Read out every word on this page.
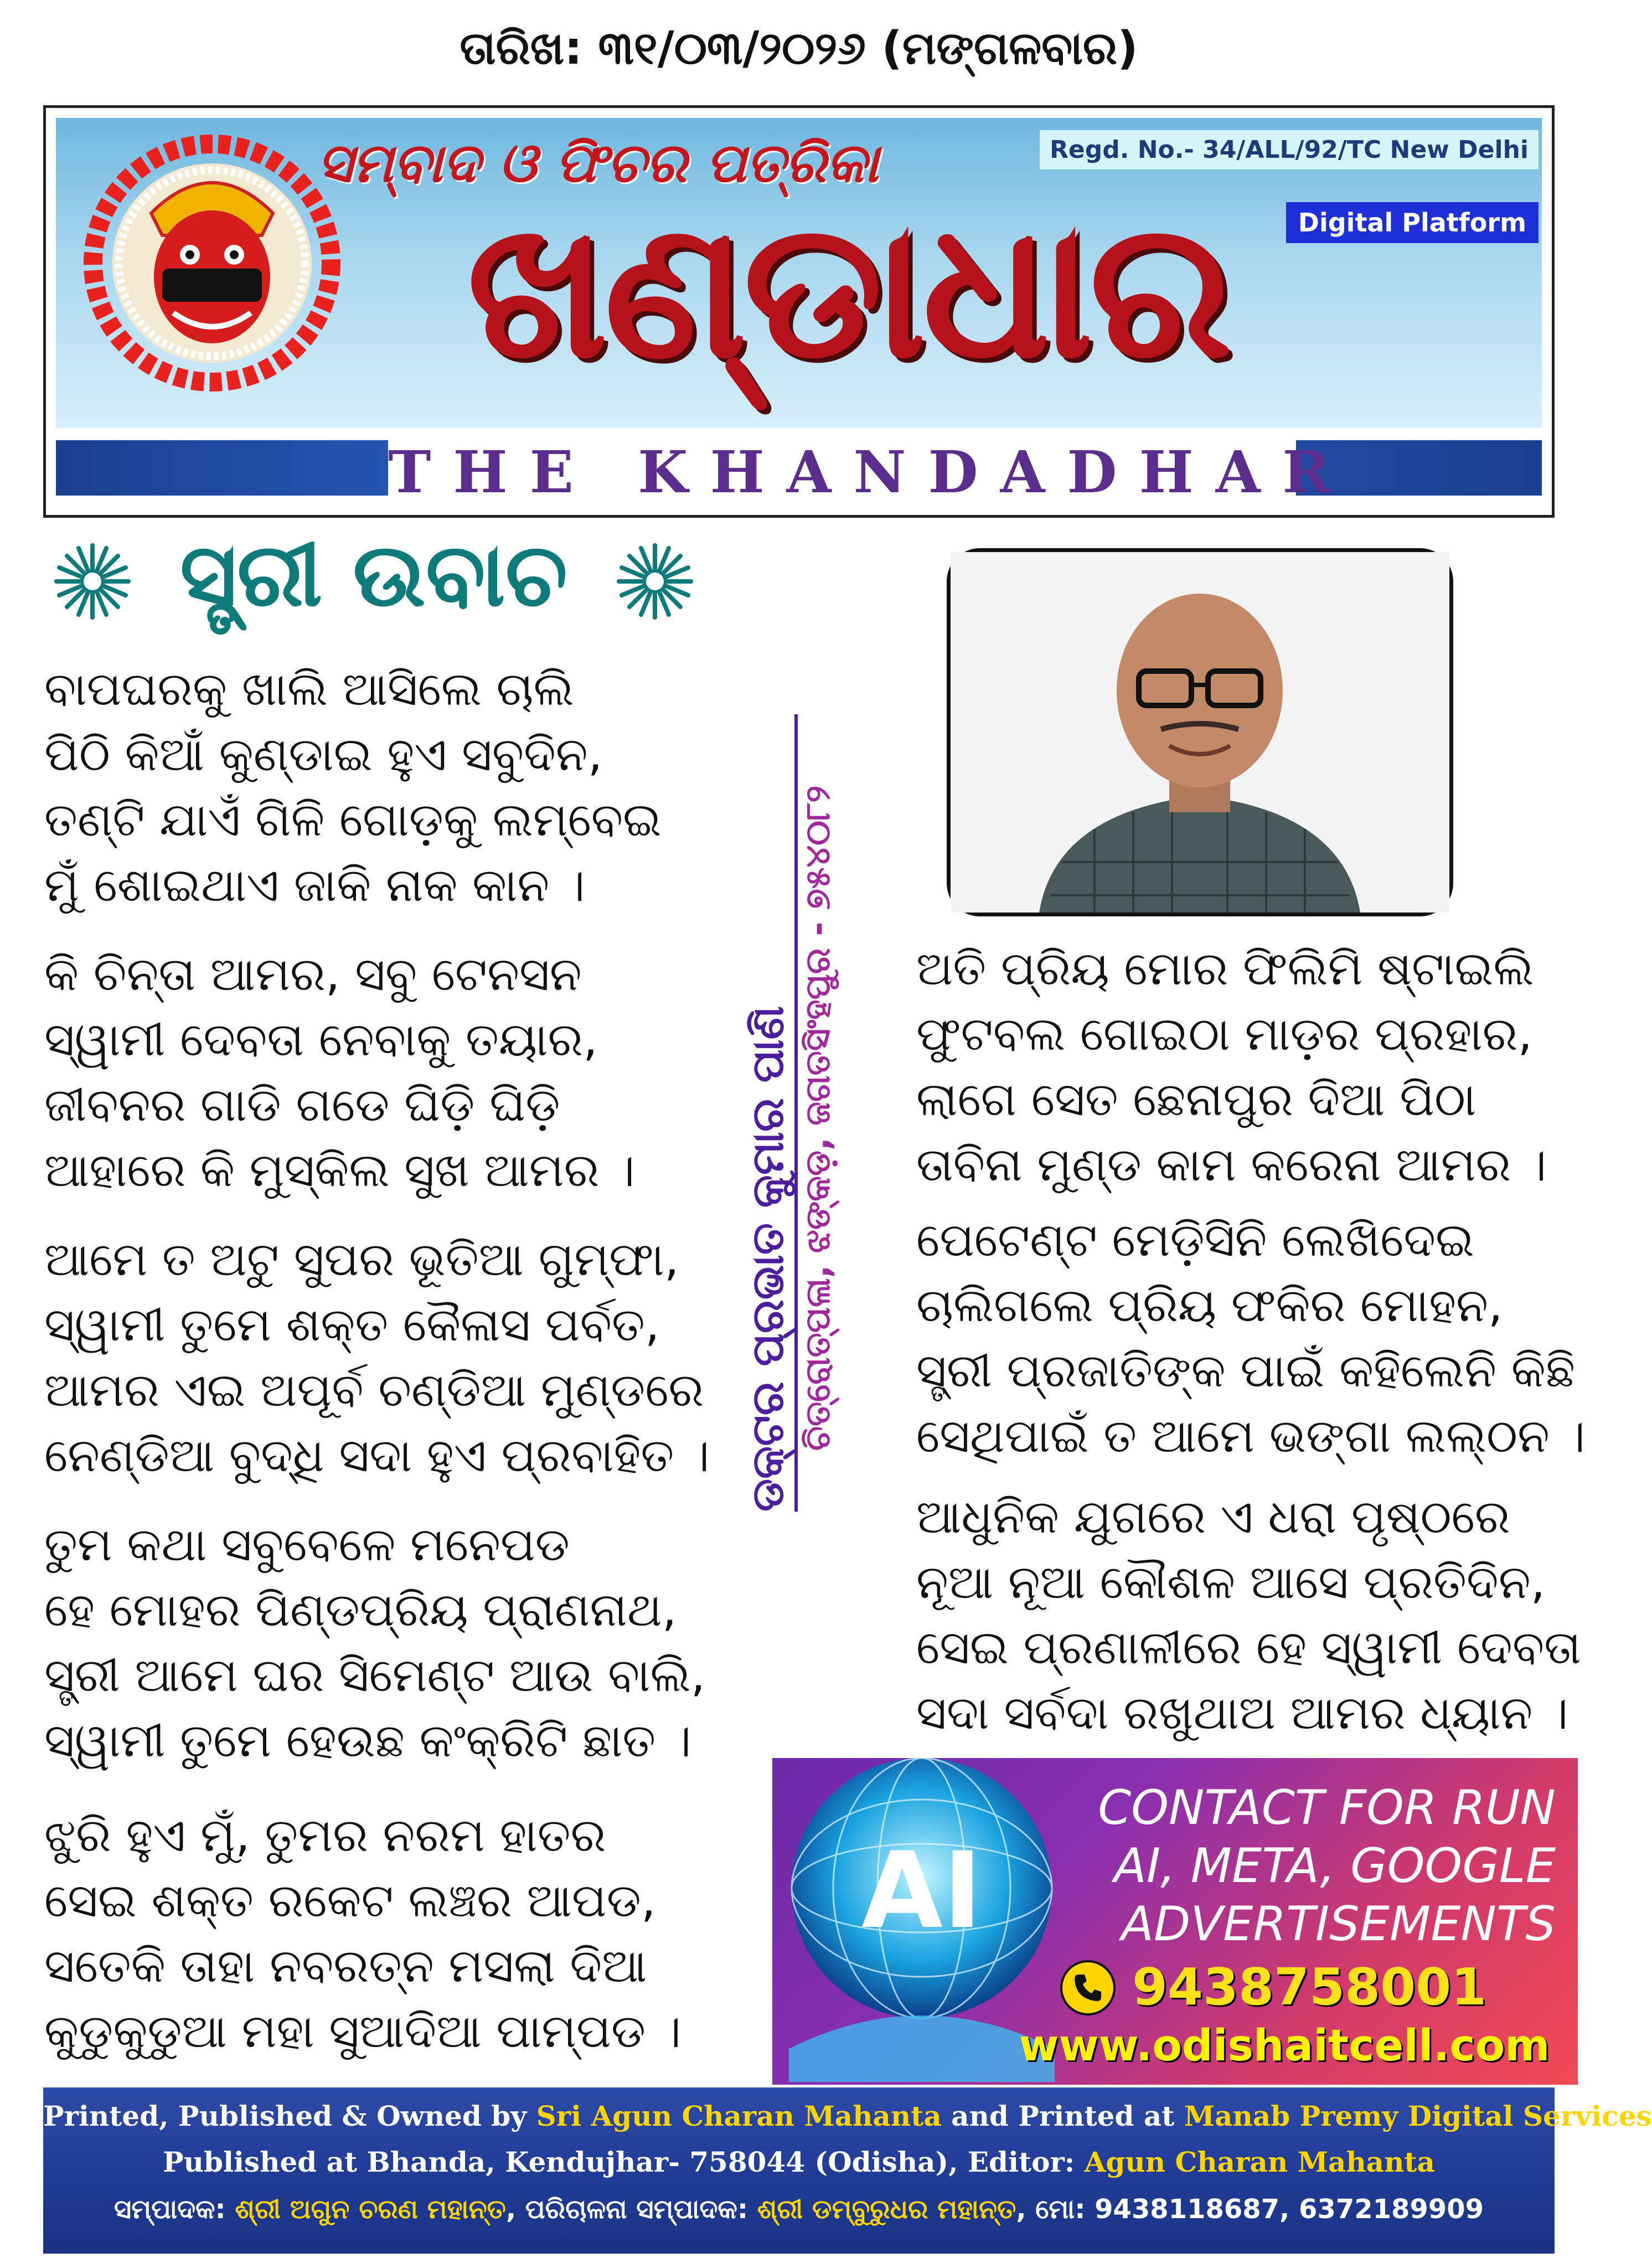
ତାରିଖ: ୩୧/୦୩/୨୦୨୬ (ମଙ୍ଗଳବାର)
ସମ୍ବାଦ ଓ ଫିଚର ପତ୍ରିକା
ଖଣ୍ଡାଧାର
Regd. No.- 34/ALL/92/TC New Delhi
Digital Platform
THE KHANDADHAR
ସ୍ତ୍ରୀ ଉବାଚ
ବାପଘରକୁ ଖାଲି ଆସିଲେ ଚାଲି
ପିଠି କିଆଁ କୁଣ୍ଡାଇ ହୁଏ ସବୁଦିନ,
ତଣ୍ଟି ଯାଏଁ ଗିଳି ଗୋଡ଼କୁ ଲମ୍ବେଇ
ମୁଁ ଶୋଇଥାଏ ଜାକି ନାକ କାନ ।
କି ଚିନ୍ତା ଆମର, ସବୁ ଟେନସନ
ସ୍ୱାମୀ ଦେବତା ନେବାକୁ ତୟାର,
ଜୀବନର ଗାଡି ଗଡେ ଘିଡ଼ି ଘିଡ଼ି
ଆହାରେ କି ମୁସ୍କିଲ ସୁଖ ଆମର ।
ଆମେ ତ ଅଟୁ ସୁପର ଭୂତିଆ ଗୁମ୍ଫା,
ସ୍ୱାମୀ ତୁମେ ଶକ୍ତ କୈଳାସ ପର୍ବତ,
ଆମର ଏଇ ଅପୂର୍ବ ଚଣ୍ଡିଆ ମୁଣ୍ଡରେ
ନେଣ୍ଡିଆ ବୁଦ୍ଧି ସଦା ହୁଏ ପ୍ରବାହିତ ।
ତୁମ କଥା ସବୁବେଳେ ମନେପଡ
ହେ ମୋହର ପିଣ୍ଡପ୍ରିୟ ପ୍ରାଣନାଥ,
ସ୍ତ୍ରୀ ଆମେ ଘର ସିମେଣ୍ଟ ଆଉ ବାଲି,
ସ୍ୱାମୀ ତୁମେ ହେଉଛ କଂକ୍ରିଟି ଛାତ ।
ଝୁରି ହୁଏ ମୁଁ, ତୁମର ନରମ ହାତର
ସେଇ ଶକ୍ତ ରକେଟ ଲଞ୍ଚର ଆପଡ,
ସତେକି ତାହା ନବରତ୍ନ ମସଲା ଦିଆ
କୁଡୁକୁଡୁଆ ମହା ସୁଆଦିଆ ପାମ୍ପଡ ।
ଡକ୍ଟର ପ୍ରଭାତ କୁମାର ପାଣି ଚିତ୍ରୋତ୍ପଳା, ଝଙ୍କଡ଼, ଜଗତସିଂହପୁର - ୭୫୪୦୮୨ ଅତି ପ୍ରିୟ ମୋର ଫିଲିମି ଷ୍ଟାଇଲି
ଫୁଟବଲ ଗୋଇଠା ମାଡ଼ର ପ୍ରହାର,
ଲାଗେ ସେତ ଛେନାପୁର ଦିଆ ପିଠା
ତାବିନା ମୁଣ୍ଡ କାମ କରେନା ଆମର ।
ପେଟେଣ୍ଟ ମେଡ଼ିସିନି ଲେଖିଦେଇ
ଚାଲିଗଲେ ପ୍ରିୟ ଫକିର ମୋହନ,
ସ୍ତ୍ରୀ ପ୍ରଜାତିଙ୍କ ପାଇଁ କହିଲେନି କିଛି
ସେଥିପାଇଁ ତ ଆମେ ଭଙ୍ଗା ଲଲ୍ଠନ ।
ଆଧୁନିକ ଯୁଗରେ ଏ ଧରା ପୃଷ୍ଠରେ
ନୂଆ ନୂଆ କୌଶଳ ଆସେ ପ୍ରତିଦିନ,
ସେଇ ପ୍ରଣାଳୀରେ ହେ ସ୍ୱାମୀ ଦେବତା
ସଦା ସର୍ବଦା ରଖୁଥାଅ ଆମର ଧ୍ୟାନ ।
AI
CONTACT FOR RUN
AI, META, GOOGLE
ADVERTISEMENTS
9438758001
www.odishaitcell.com
Printed, Published & Owned by Sri Agun Charan Mahanta and Printed at Manab Premy Digital Services
Published at Bhanda, Kendujhar- 758044 (Odisha), Editor: Agun Charan Mahanta
ସମ୍ପାଦକ: ଶ୍ରୀ ଅଗୁନ ଚରଣ ମହାନ୍ତ, ପରିଚାଳନା ସମ୍ପାଦକ: ଶ୍ରୀ ଡମ୍ବୁରୁଧର ମହାନ୍ତ, ମୋ: 9438118687, 6372189909
